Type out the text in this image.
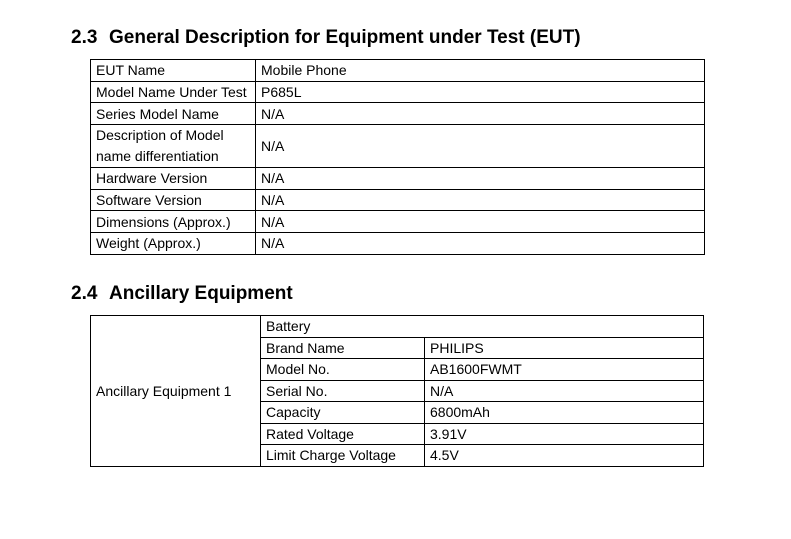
2.3 General Description for Equipment under Test (EUT)
EUT Name	Mobile Phone
Model Name Under Test	P685L
Series Model Name	N/A
Description of Model name differentiation	N/A
Hardware Version	N/A
Software Version	N/A
Dimensions (Approx.)	N/A
Weight (Approx.)	N/A
2.4 Ancillary Equipment
Ancillary Equipment 1	Battery	
	Brand Name	PHILIPS
	Model No.	AB1600FWMT
	Serial No.	N/A
	Capacity	6800mAh
	Rated Voltage	3.91V
	Limit Charge Voltage	4.5V
